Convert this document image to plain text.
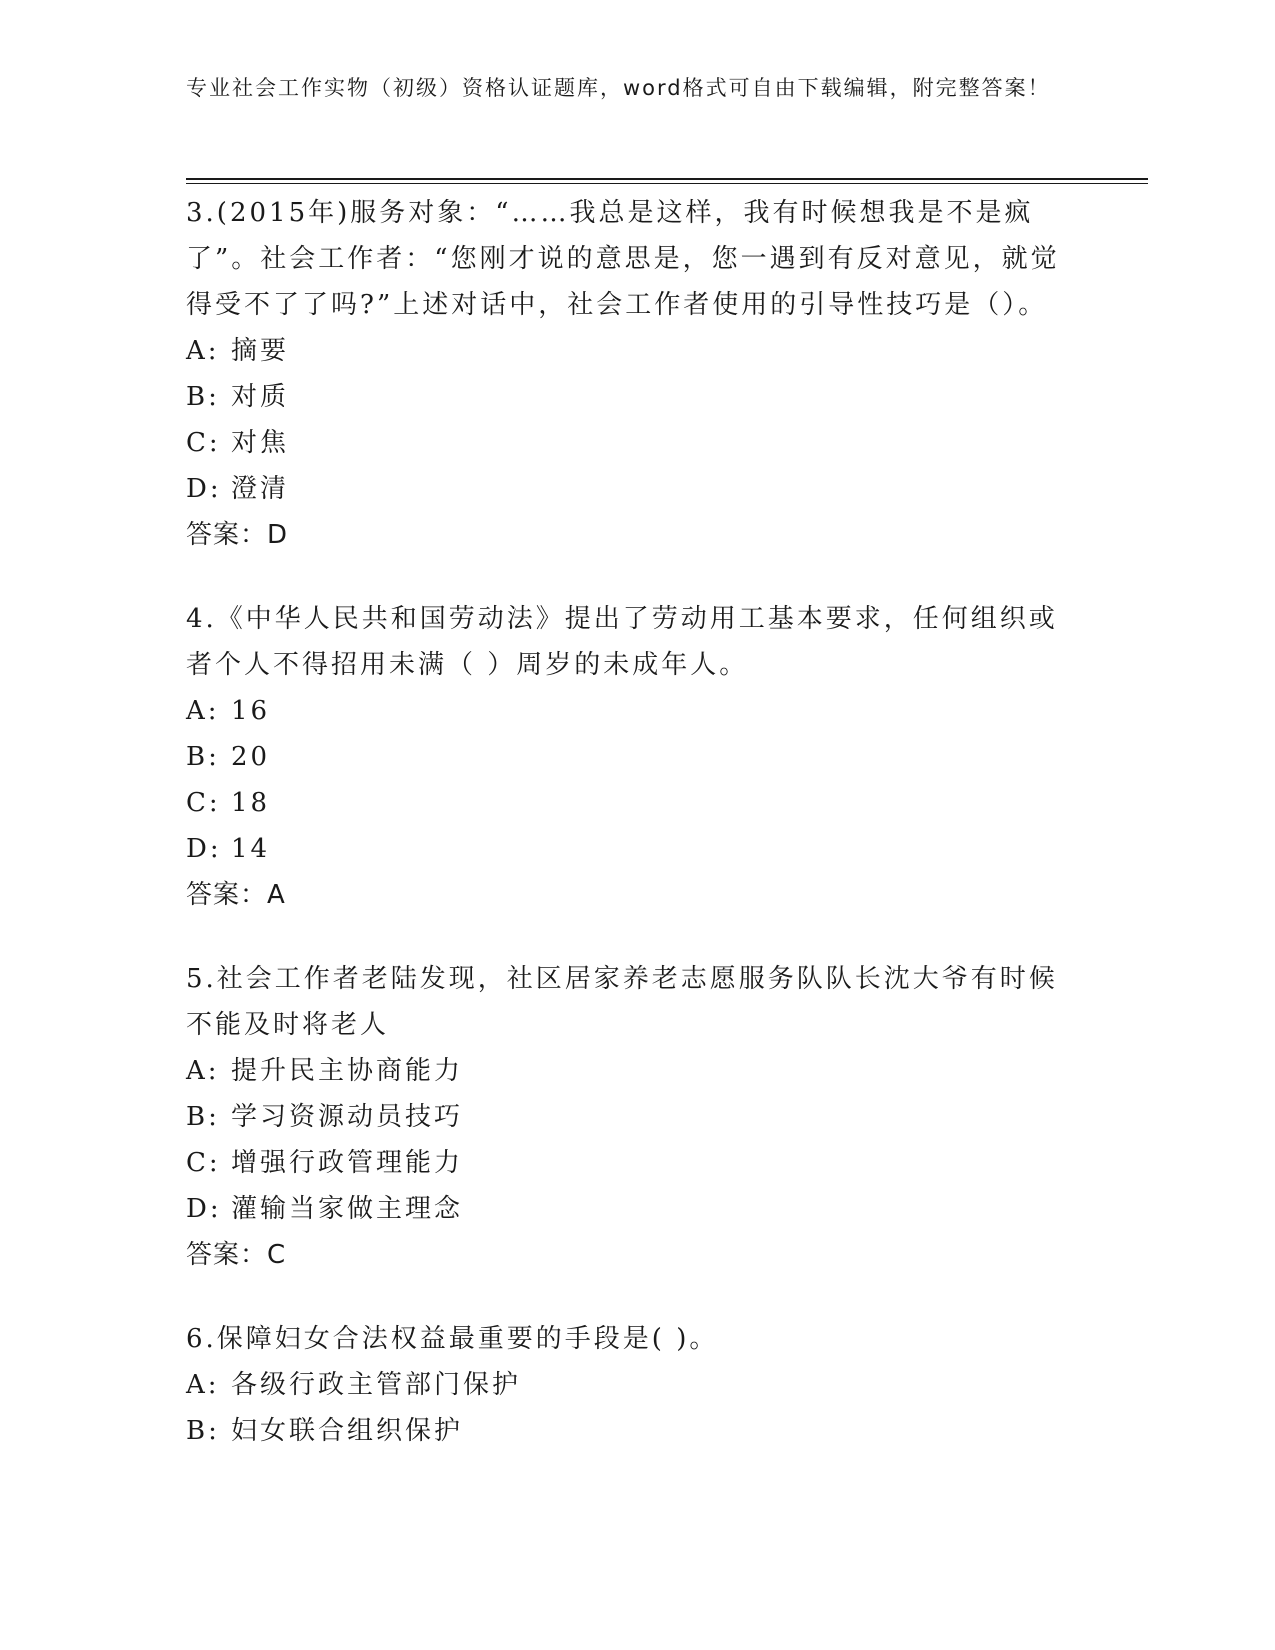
专业社会工作实物（初级）资格认证题库，word格式可自由下载编辑，附完整答案！

3.(2015年)服务对象：“……我总是这样，我有时候想我是不是疯了”。社会工作者：“您刚才说的意思是，您一遇到有反对意见，就觉得受不了了吗?”上述对话中，社会工作者使用的引导性技巧是（）。

A: 摘要
B: 对质
C: 对焦
D: 澄清
答案：D

4.《中华人民共和国劳动法》提出了劳动用工基本要求，任何组织或者个人不得招用未满（ ）周岁的未成年人。

A: 16
B: 20
C: 18
D: 14
答案：A

5.社会工作者老陆发现，社区居家养老志愿服务队队长沈大爷有时候不能及时将老人

A: 提升民主协商能力
B: 学习资源动员技巧
C: 增强行政管理能力
D: 灌输当家做主理念
答案：C

6.保障妇女合法权益最重要的手段是( )。

A: 各级行政主管部门保护
B: 妇女联合组织保护
